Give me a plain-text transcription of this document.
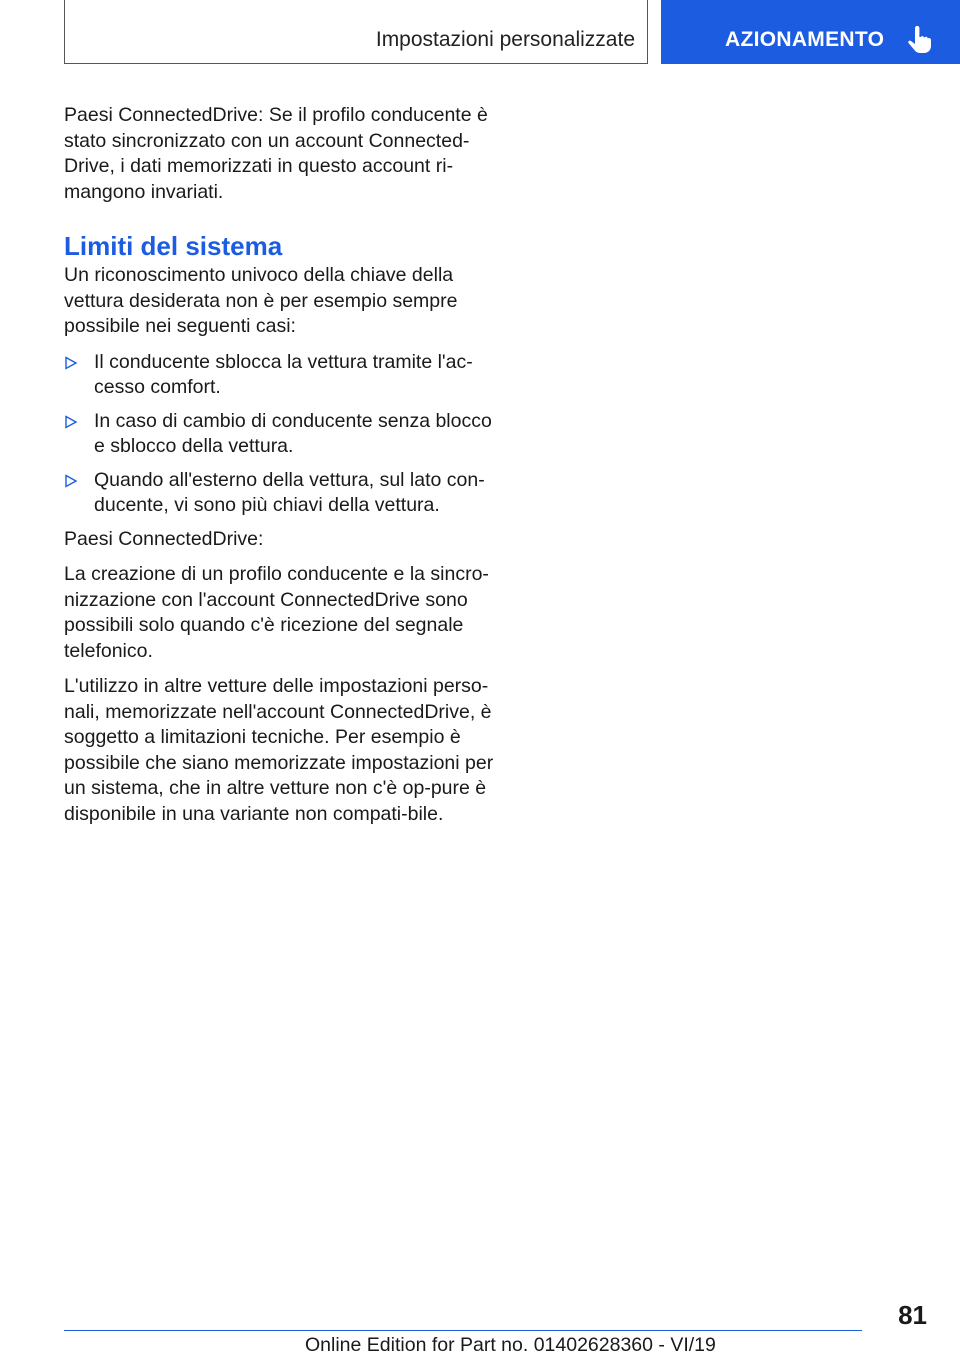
Impostazioni personalizzate	AZIONAMENTO

Paesi ConnectedDrive: Se il profilo conducente è stato sincronizzato con un account Connected-Drive, i dati memorizzati in questo account ri-mangono invariati.

Limiti del sistema

Un riconoscimento univoco della chiave della vettura desiderata non è per esempio sempre possibile nei seguenti casi:

Il conducente sblocca la vettura tramite l'ac-cesso comfort.
In caso di cambio di conducente senza blocco e sblocco della vettura.
Quando all'esterno della vettura, sul lato con-ducente, vi sono più chiavi della vettura.

Paesi ConnectedDrive:

La creazione di un profilo conducente e la sincro-nizzazione con l'account ConnectedDrive sono possibili solo quando c'è ricezione del segnale telefonico.

L'utilizzo in altre vetture delle impostazioni perso-nali, memorizzate nell'account ConnectedDrive, è soggetto a limitazioni tecniche. Per esempio è possibile che siano memorizzate impostazioni per un sistema, che in altre vetture non c'è op-pure è disponibile in una variante non compati-bile.

81
Online Edition for Part no. 01402628360 - VI/19
